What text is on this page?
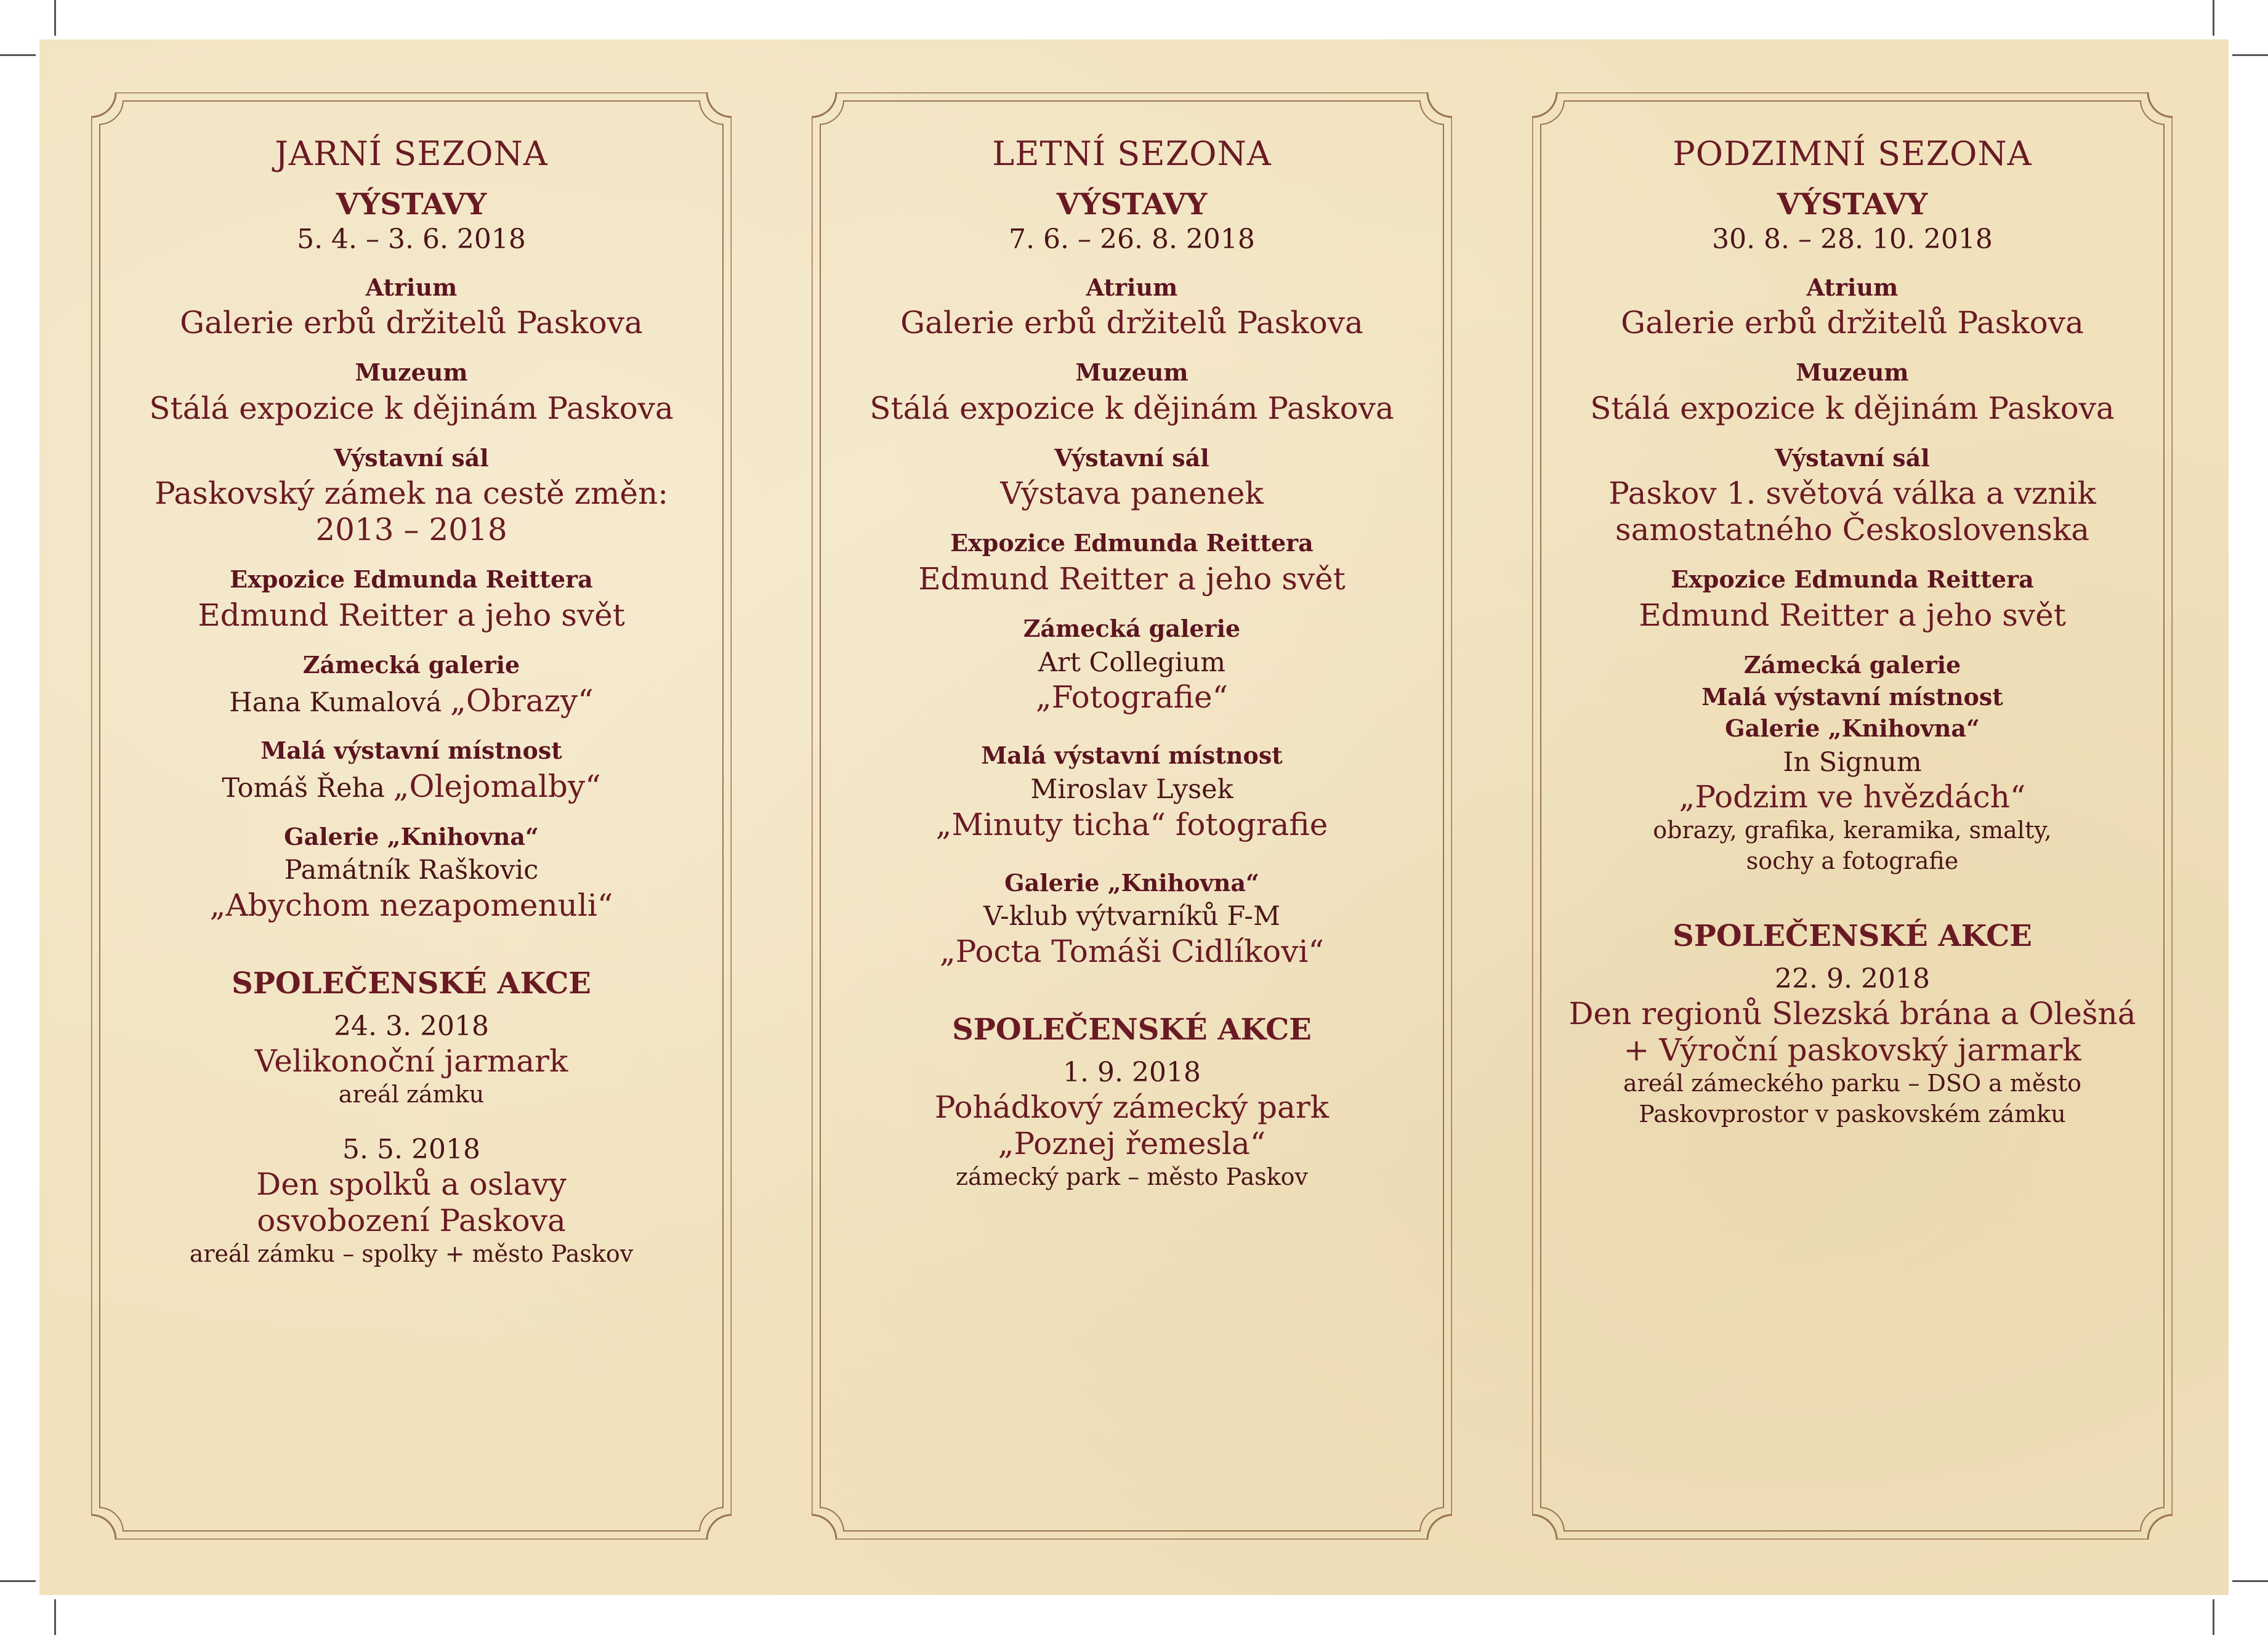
JARNÍ SEZONA
VÝSTAVY
5. 4. – 3. 6. 2018
Atrium
Galerie erbů držitelů Paskova
Muzeum
Stálá expozice k dějinám Paskova
Výstavní sál
Paskovský zámek na cestě změn:
2013 – 2018
Expozice Edmunda Reittera
Edmund Reitter a jeho svět
Zámecká galerie
Hana Kumalová „Obrazy“
Malá výstavní místnost
Tomáš Řeha „Olejomalby“
Galerie „Knihovna“
Památník Raškovic
„Abychom nezapomenuli“
SPOLEČENSKÉ AKCE
24. 3. 2018
Velikonoční jarmark
areál zámku
5. 5. 2018
Den spolků a oslavy
osvobození Paskova
areál zámku – spolky + město Paskov
LETNÍ SEZONA
VÝSTAVY
7. 6. – 26. 8. 2018
Atrium
Galerie erbů držitelů Paskova
Muzeum
Stálá expozice k dějinám Paskova
Výstavní sál
Výstava panenek
Expozice Edmunda Reittera
Edmund Reitter a jeho svět
Zámecká galerie
Art Collegium
„Fotografie“
Malá výstavní místnost
Miroslav Lysek
„Minuty ticha“ fotografie
Galerie „Knihovna“
V-klub výtvarníků F-M
„Pocta Tomáši Cidlíkovi“
SPOLEČENSKÉ AKCE
1. 9. 2018
Pohádkový zámecký park
„Poznej řemesla“
zámecký park – město Paskov
PODZIMNÍ SEZONA
VÝSTAVY
30. 8. – 28. 10. 2018
Atrium
Galerie erbů držitelů Paskova
Muzeum
Stálá expozice k dějinám Paskova
Výstavní sál
Paskov 1. světová válka a vznik
samostatného Československa
Expozice Edmunda Reittera
Edmund Reitter a jeho svět
Zámecká galerie
Malá výstavní místnost
Galerie „Knihovna“
In Signum
„Podzim ve hvězdách“
obrazy, grafika, keramika, smalty,
sochy a fotografie
SPOLEČENSKÉ AKCE
22. 9. 2018
Den regionů Slezská brána a Olešná
+ Výroční paskovský jarmark
areál zámeckého parku – DSO a město
Paskovprostor v paskovském zámku
